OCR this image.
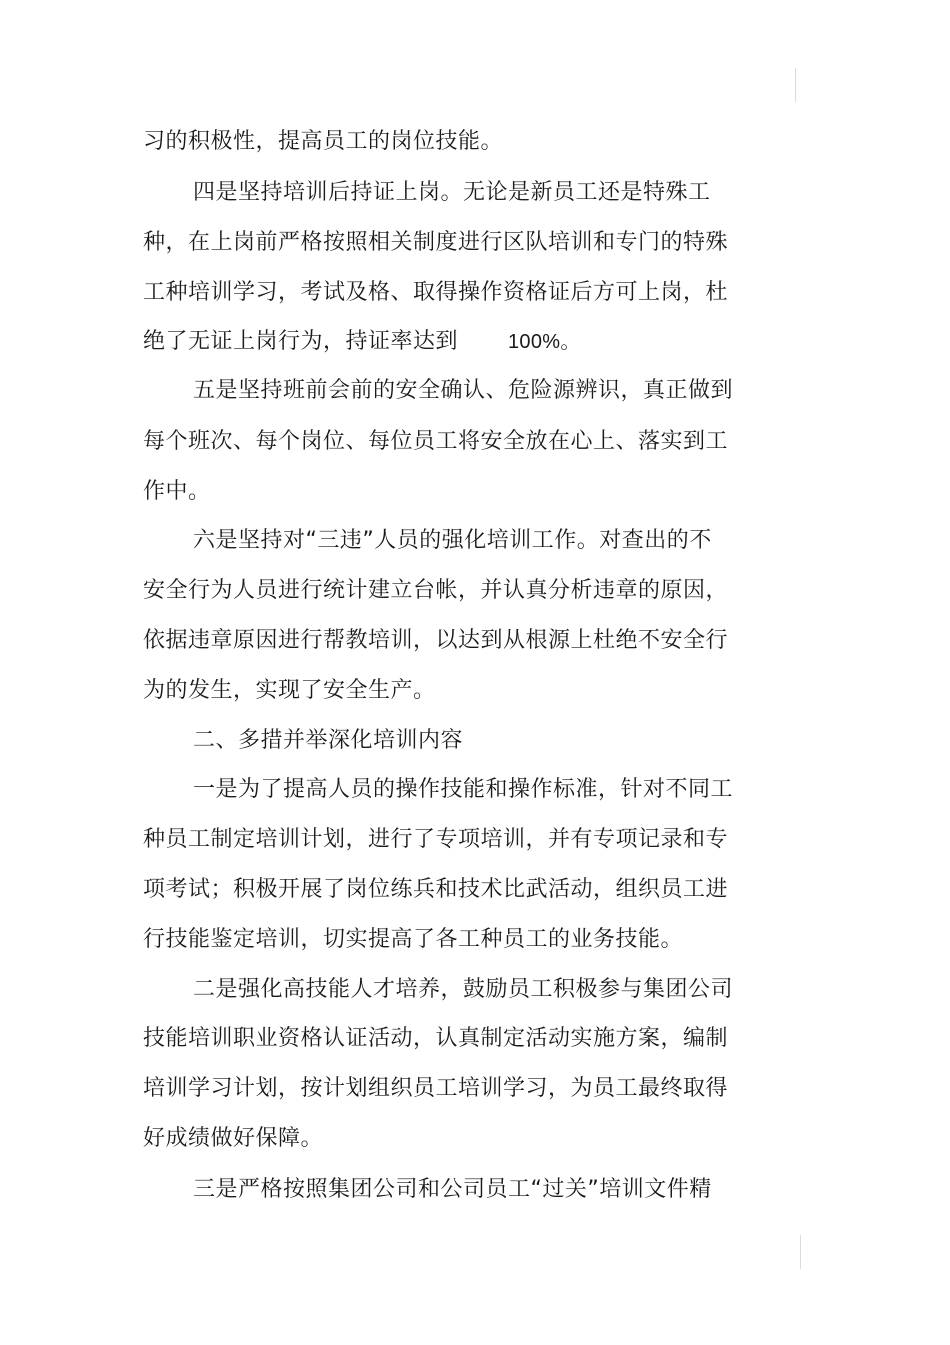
习的积极性，提高员工的岗位技能。
四是坚持培训后持证上岗。无论是新员工还是特殊工
种，在上岗前严格按照相关制度进行区队培训和专门的特殊
工种培训学习，考试及格、取得操作资格证后方可上岗，杜
绝了无证上岗行为，持证率达到 100%。
五是坚持班前会前的安全确认、危险源辨识，真正做到
每个班次、每个岗位、每位员工将安全放在心上、落实到工
作中。
六是坚持对“三违”人员的强化培训工作。对查出的不
安全行为人员进行统计建立台帐，并认真分析违章的原因，
依据违章原因进行帮教培训，以达到从根源上杜绝不安全行
为的发生，实现了安全生产。
二、多措并举深化培训内容
一是为了提高人员的操作技能和操作标准，针对不同工
种员工制定培训计划，进行了专项培训，并有专项记录和专
项考试；积极开展了岗位练兵和技术比武活动，组织员工进
行技能鉴定培训，切实提高了各工种员工的业务技能。
二是强化高技能人才培养，鼓励员工积极参与集团公司
技能培训职业资格认证活动，认真制定活动实施方案，编制
培训学习计划，按计划组织员工培训学习，为员工最终取得
好成绩做好保障。
三是严格按照集团公司和公司员工“过关”培训文件精
